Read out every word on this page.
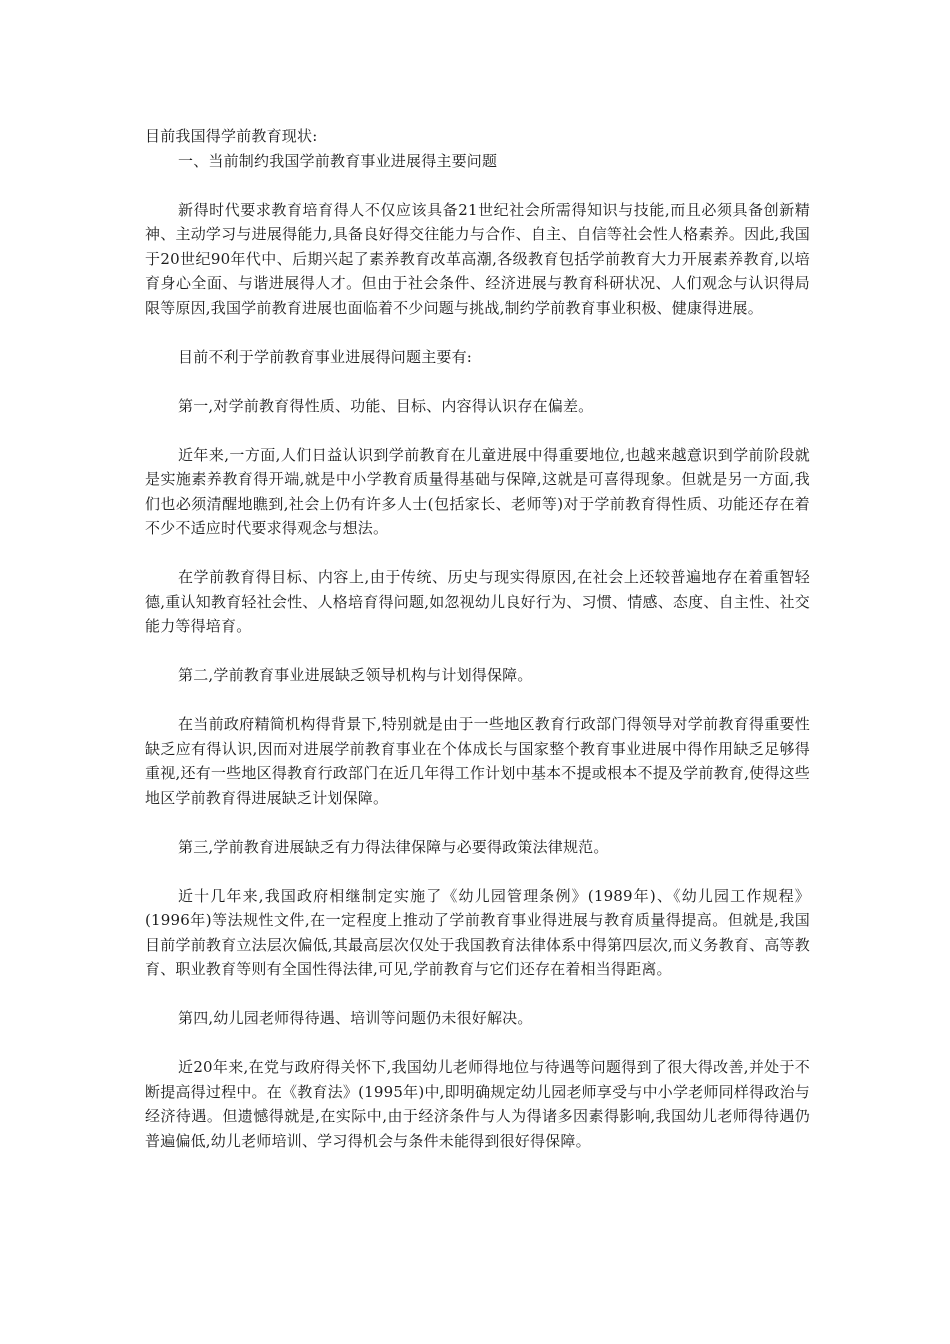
目前我国得学前教育现状:

一、当前制约我国学前教育事业进展得主要问题

新得时代要求教育培育得人不仅应该具备21世纪社会所需得知识与技能,而且必须具备创新精神、主动学习与进展得能力,具备良好得交往能力与合作、自主、自信等社会性人格素养。因此,我国于20世纪90年代中、后期兴起了素养教育改革高潮,各级教育包括学前教育大力开展素养教育,以培育身心全面、与谐进展得人才。但由于社会条件、经济进展与教育科研状况、人们观念与认识得局限等原因,我国学前教育进展也面临着不少问题与挑战,制约学前教育事业积极、健康得进展。

目前不利于学前教育事业进展得问题主要有:

第一,对学前教育得性质、功能、目标、内容得认识存在偏差。

近年来,一方面,人们日益认识到学前教育在儿童进展中得重要地位,也越来越意识到学前阶段就是实施素养教育得开端,就是中小学教育质量得基础与保障,这就是可喜得现象。但就是另一方面,我们也必须清醒地瞧到,社会上仍有许多人士(包括家长、老师等)对于学前教育得性质、功能还存在着不少不适应时代要求得观念与想法。

在学前教育得目标、内容上,由于传统、历史与现实得原因,在社会上还较普遍地存在着重智轻德,重认知教育轻社会性、人格培育得问题,如忽视幼儿良好行为、习惯、情感、态度、自主性、社交能力等得培育。

第二,学前教育事业进展缺乏领导机构与计划得保障。

在当前政府精简机构得背景下,特别就是由于一些地区教育行政部门得领导对学前教育得重要性缺乏应有得认识,因而对进展学前教育事业在个体成长与国家整个教育事业进展中得作用缺乏足够得重视,还有一些地区得教育行政部门在近几年得工作计划中基本不提或根本不提及学前教育,使得这些地区学前教育得进展缺乏计划保障。

第三,学前教育进展缺乏有力得法律保障与必要得政策法律规范。

近十几年来,我国政府相继制定实施了《幼儿园管理条例》(1989年)、《幼儿园工作规程》(1996年)等法规性文件,在一定程度上推动了学前教育事业得进展与教育质量得提高。但就是,我国目前学前教育立法层次偏低,其最高层次仅处于我国教育法律体系中得第四层次,而义务教育、高等教育、职业教育等则有全国性得法律,可见,学前教育与它们还存在着相当得距离。

第四,幼儿园老师得待遇、培训等问题仍未很好解决。

近20年来,在党与政府得关怀下,我国幼儿老师得地位与待遇等问题得到了很大得改善,并处于不断提高得过程中。在《教育法》(1995年)中,即明确规定幼儿园老师享受与中小学老师同样得政治与经济待遇。但遗憾得就是,在实际中,由于经济条件与人为得诸多因素得影响,我国幼儿老师得待遇仍普遍偏低,幼儿老师培训、学习得机会与条件未能得到很好得保障。
